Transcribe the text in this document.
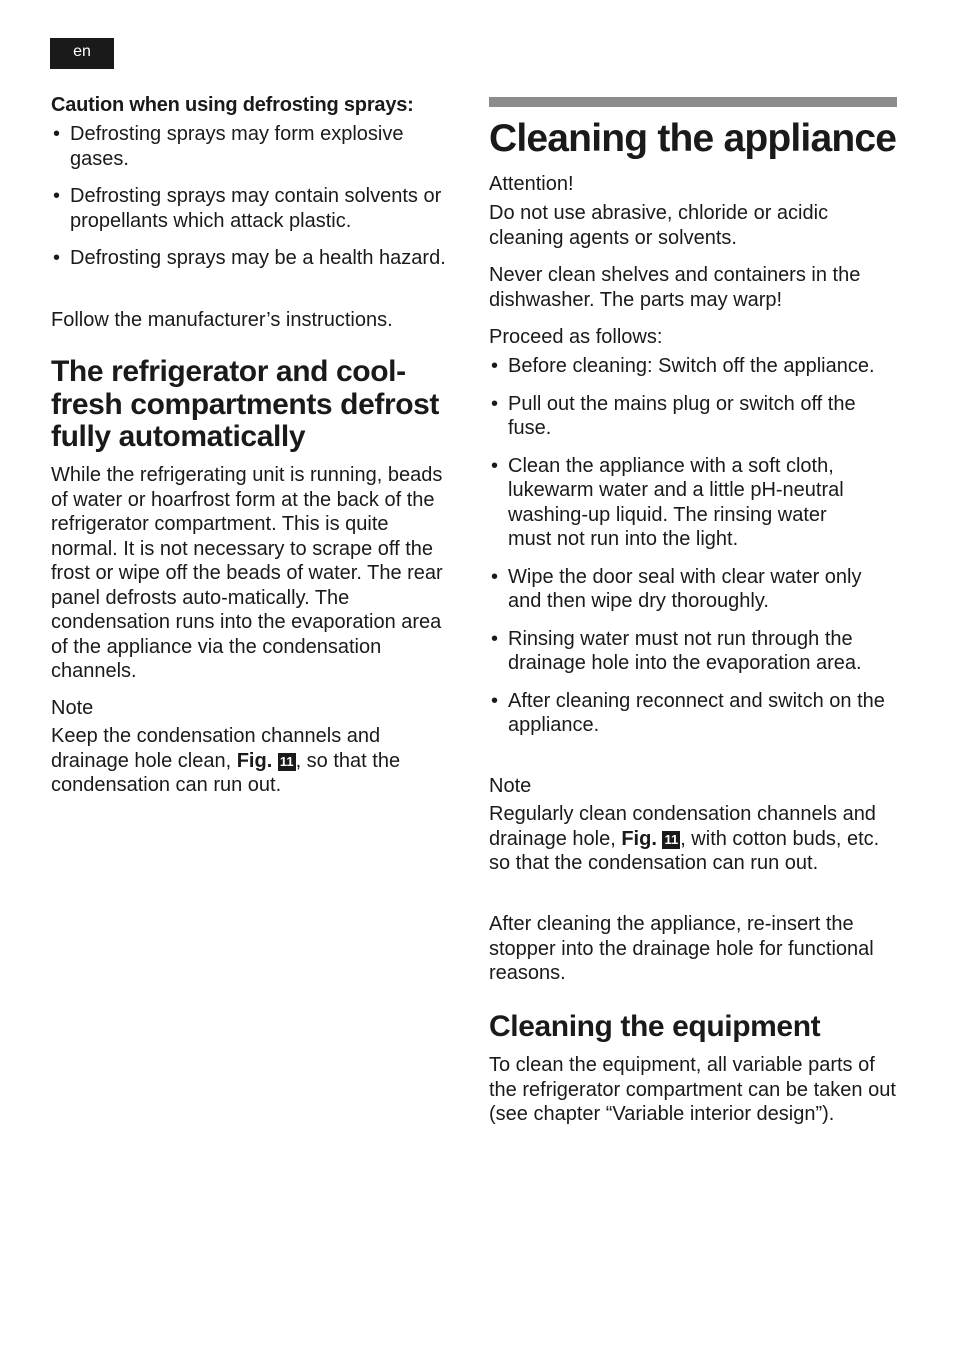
en

Caution when using defrosting sprays:

• Defrosting sprays may form explosive gases.
• Defrosting sprays may contain solvents or propellants which attack plastic.
• Defrosting sprays may be a health hazard.

Follow the manufacturer’s instructions.

The refrigerator and cool-fresh compartments defrost fully automatically

While the refrigerating unit is running, beads of water or hoarfrost form at the back of the refrigerator compartment. This is quite normal. It is not necessary to scrape off the frost or wipe off the beads of water. The rear panel defrosts auto-matically. The condensation runs into the evaporation area of the appliance via the condensation channels.

Note

Keep the condensation channels and drainage hole clean, Fig. 11 , so that the condensation can run out.

Cleaning the appliance

Attention!

Do not use abrasive, chloride or acidic cleaning agents or solvents.

Never clean shelves and containers in the dishwasher. The parts may warp!

Proceed as follows:

• Before cleaning: Switch off the appliance.
• Pull out the mains plug or switch off the fuse.
• Clean the appliance with a soft cloth, lukewarm water and a little pH-neutral washing-up liquid. The rinsing water must not run into the light.
• Wipe the door seal with clear water only and then wipe dry thoroughly.
• Rinsing water must not run through the drainage hole into the evaporation area.
• After cleaning reconnect and switch on the appliance.

Note

Regularly clean condensation channels and drainage hole, Fig. 11 , with cotton buds, etc. so that the condensation can run out.

After cleaning the appliance, re-insert the stopper into the drainage hole for functional reasons.

Cleaning the equipment

To clean the equipment, all variable parts of the refrigerator compartment can be taken out (see chapter “Variable interior design”).
